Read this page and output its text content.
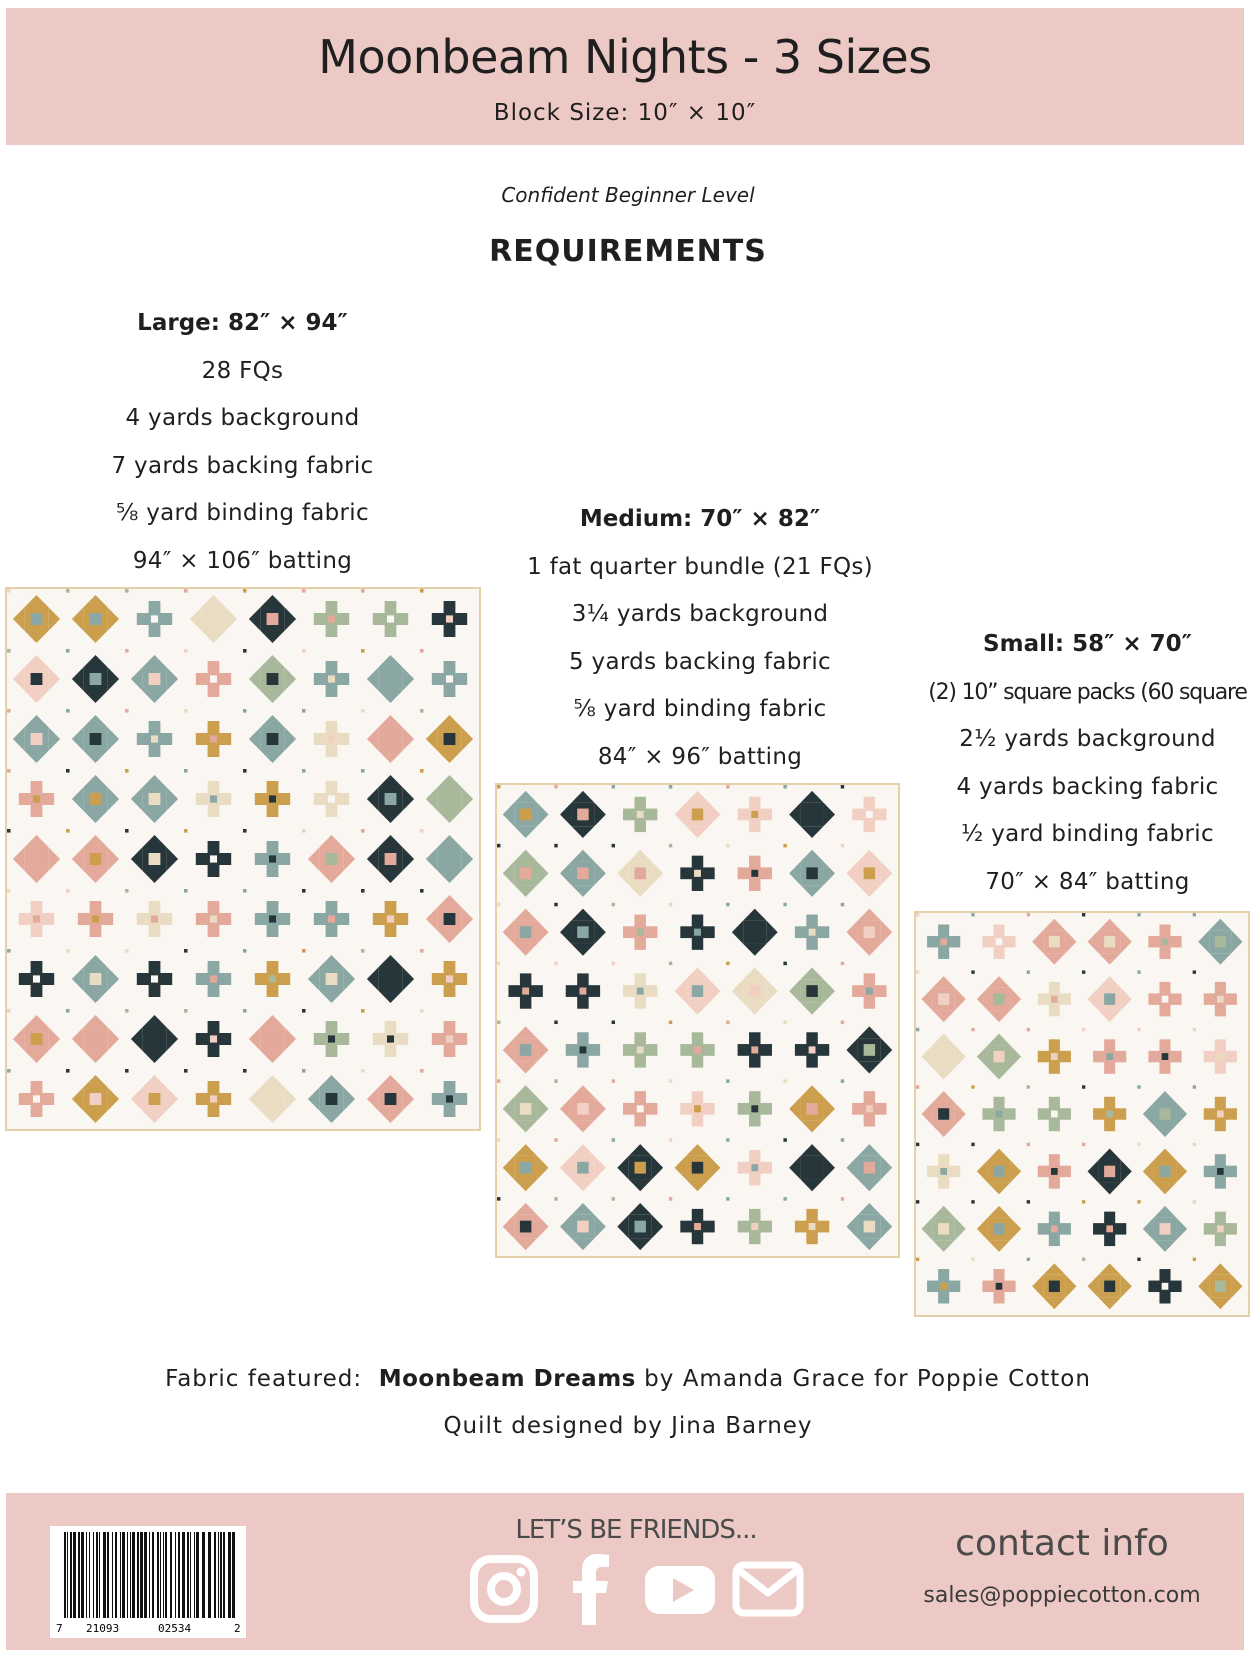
Moonbeam Nights - 3 Sizes
Block Size: 10″ × 10″
Confident Beginner Level
REQUIREMENTS
Large: 82″ × 94″
28 FQs
4 yards background
7 yards backing fabric
⅝ yard binding fabric
94″ × 106″ batting
Medium: 70″ × 82″
1 fat quarter bundle (21 FQs)
3¼ yards background
5 yards backing fabric
⅝ yard binding fabric
84″ × 96″ batting
Small: 58″ × 70″
(2) 10” square packs (60 square
2½ yards background
4 yards backing fabric
½ yard binding fabric
70″ × 84″ batting
Fabric featured: Moonbeam Dreams by Amanda Grace for Poppie Cotton
Quilt designed by Jina Barney
7 21093	02534	2
LET’S BE FRIENDS...	contact info
sales@poppiecotton.com
